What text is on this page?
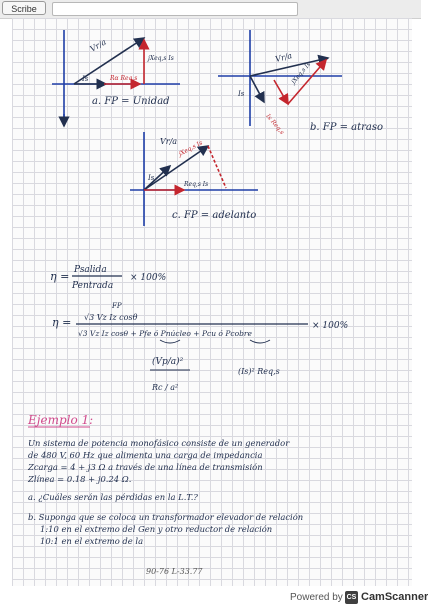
Scribe
Vr/a
Is	Rα Req,s
jXeq,s Is
a. FP = Unidad
Vr/a
Is
Is Req,s
jXeq,s Is
b. FP = atraso
Vr/a
Is
Req,s Is
jXeq,s Is
c. FP = adelanto
η = Psalida
Pentrada
× 100%
η =
FP
√3 Vz Iz cosθ
√3 Vz Iz cosθ + Pfe ó Pnúcleo + Pcu ó Pcobre
× 100%
(Vp/a)²
Rc / a²
(Is)² Req,s
Ejemplo 1:
Un sistema de potencia monofásico consiste de un generador
de 480 V, 60 Hz que alimenta una carga de impedancia
Zcarga = 4 + j3 Ω a través de una línea de transmisión
Zlínea = 0.18 + j0.24 Ω.
a. ¿Cuáles serán las pérdidas en la L.T.?
b. Suponga que se coloca un transformador elevador de relación
1:10 en el extremo del Gen y otro reductor de relación
10:1 en el extremo de la
90-76 L-33.77
Powered by CS CamScanner
